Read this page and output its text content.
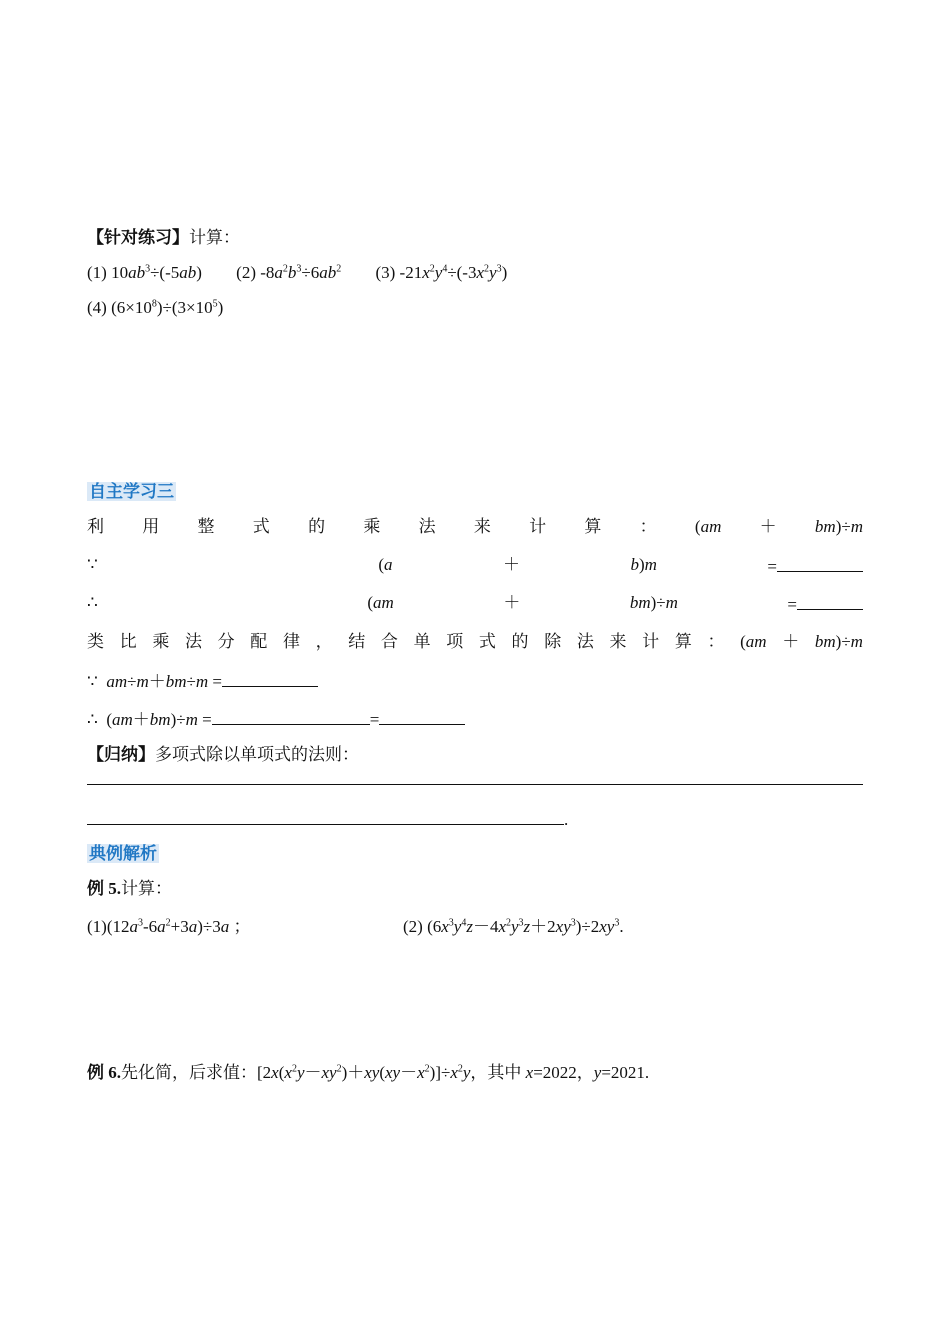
【针对练习】计算：
(1) $10ab^3\div(-5ab)$ (2) $-8a^2b^3\div 6ab^2$ (3) $-21x^2y^4\div(-3x^2y^3)$
(4) $(6\times 10^8)\div(3\times 10^5)$
自主学习三
利 用 整 式 的 乘 法 来 计 算 ： (am ＋ bm)÷m
∵	(a	＋	b)m	=
∴	(am	＋	bm)÷m	=
类 比 乘 法 分 配 律 ， 结 合 单 项 式 的 除 法 来 计 算 ： (am ＋ bm)÷m
∵ am÷m＋bm÷m =
∴ (am＋bm)÷m =	=
【归纳】多项式除以单项式的法则：
.
典例解析
例 5.计算：
$(1)(12a^3-6a^2+3a)\div 3a$ ；	(2) $(6x^3y^4z-4x^2y^3z+2xy^3)\div 2xy^3$.
例 6.先化简，后求值：$[2x(x^2y-xy^2)+xy(xy-x^2)]\div x^2y$，其中 x=2022，y=2021.
